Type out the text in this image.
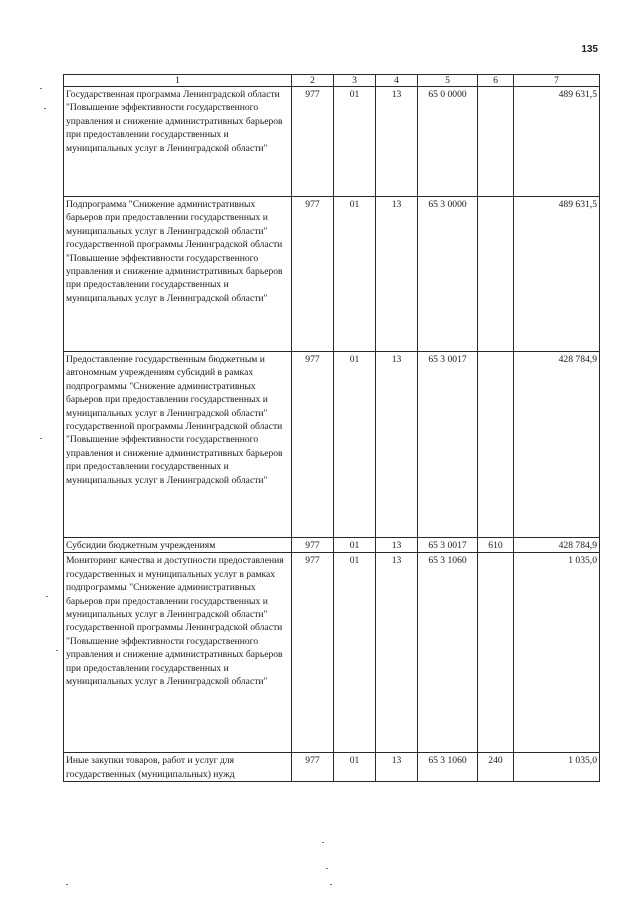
135
1	2	3	4	5	6	7
Государственная программа Ленинградской области "Повышение эффективности государственного управления и снижение административных барьеров при предоставлении государственных и муниципальных услуг в Ленинградской области"	977	01	13	65 0 0000		489 631,5
Подпрограмма "Снижение административных барьеров при предоставлении государственных и муниципальных услуг в Ленинградской области" государственной программы Ленинградской области "Повышение эффективности государственного управления и снижение административных барьеров при предоставлении государственных и муниципальных услуг в Ленинградской области"	977	01	13	65 3 0000		489 631,5
Предоставление государственным бюджетным и автономным учреждениям субсидий в рамках подпрограммы "Снижение административных барьеров при предоставлении государственных и муниципальных услуг в Ленинградской области" государственной программы Ленинградской области "Повышение эффективности государственного управления и снижение административных барьеров при предоставлении государственных и муниципальных услуг в Ленинградской области"	977	01	13	65 3 0017		428 784,9
Субсидии бюджетным учреждениям	977	01	13	65 3 0017	610	428 784,9
Мониторинг качества и доступности предоставления государственных и муниципальных услуг в рамках подпрограммы "Снижение административных барьеров при предоставлении государственных и муниципальных услуг в Ленинградской области" государственной программы Ленинградской области "Повышение эффективности государственного управления и снижение административных барьеров при предоставлении государственных и муниципальных услуг в Ленинградской области"	977	01	13	65 3 1060		1 035,0
Иные закупки товаров, работ и услуг для государственных (муниципальных) нужд	977	01	13	65 3 1060	240	1 035,0
